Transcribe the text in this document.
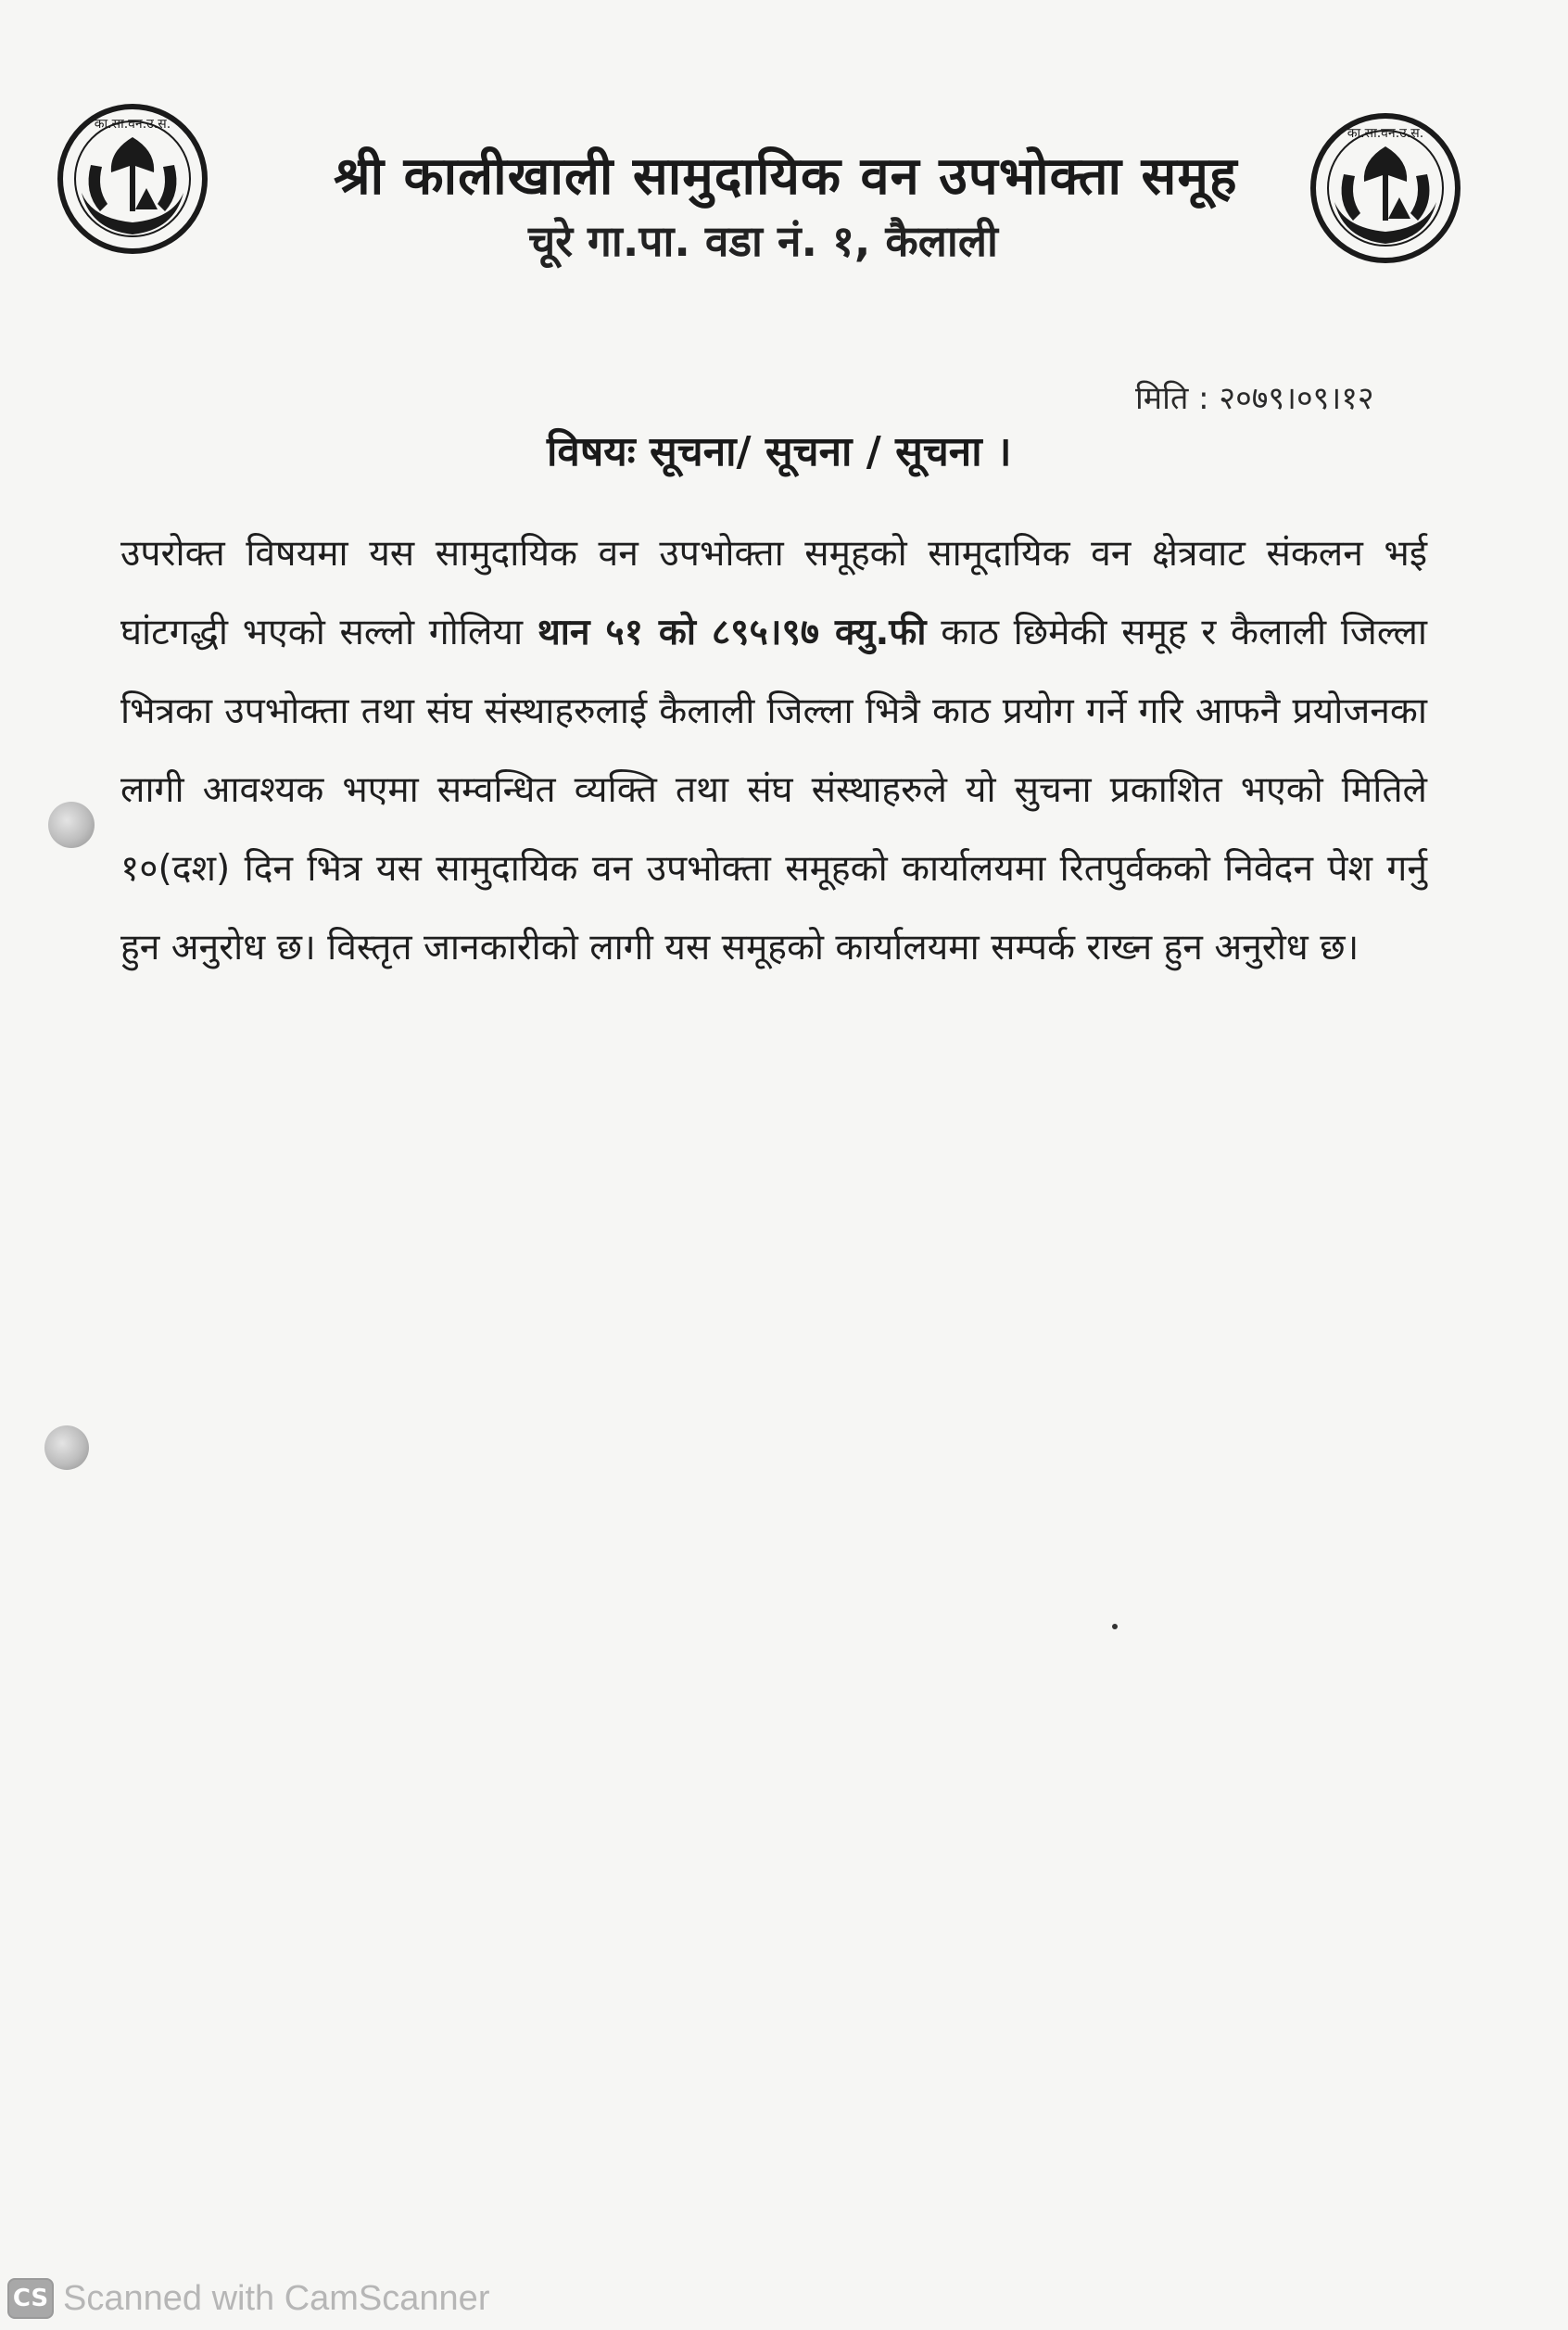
का.सा.वन.उ.स.
का.सा.वन.उ.स.
श्री कालीखाली सामुदायिक वन उपभोक्ता समूह
चूरे गा.पा. वडा नं. १, कैलाली
मिति : २०७९।०९।१२
विषयः सूचना/ सूचना / सूचना ।
उपरोक्त विषयमा यस सामुदायिक वन उपभोक्ता समूहको सामूदायिक वन क्षेत्रवाट संकलन भई घांटगद्धी भएको सल्लो गोलिया थान ५१ को ८९५।९७ क्यु.फी काठ छिमेकी समूह र कैलाली जिल्ला भित्रका उपभोक्ता तथा संघ संस्थाहरुलाई कैलाली जिल्ला भित्रै काठ प्रयोग गर्ने गरि आफनै प्रयोजनका लागी आवश्यक भएमा सम्वन्धित व्यक्ति तथा संघ संस्थाहरुले यो सुचना प्रकाशित भएको मितिले १०(दश) दिन भित्र यस सामुदायिक वन उपभोक्ता समूहको कार्यालयमा रितपुर्वकको निवेदन पेश गर्नु हुन अनुरोध छ। विस्तृत जानकारीको लागी यस समूहको कार्यालयमा सम्पर्क राख्न हुन अनुरोध छ।
CS Scanned with CamScanner
